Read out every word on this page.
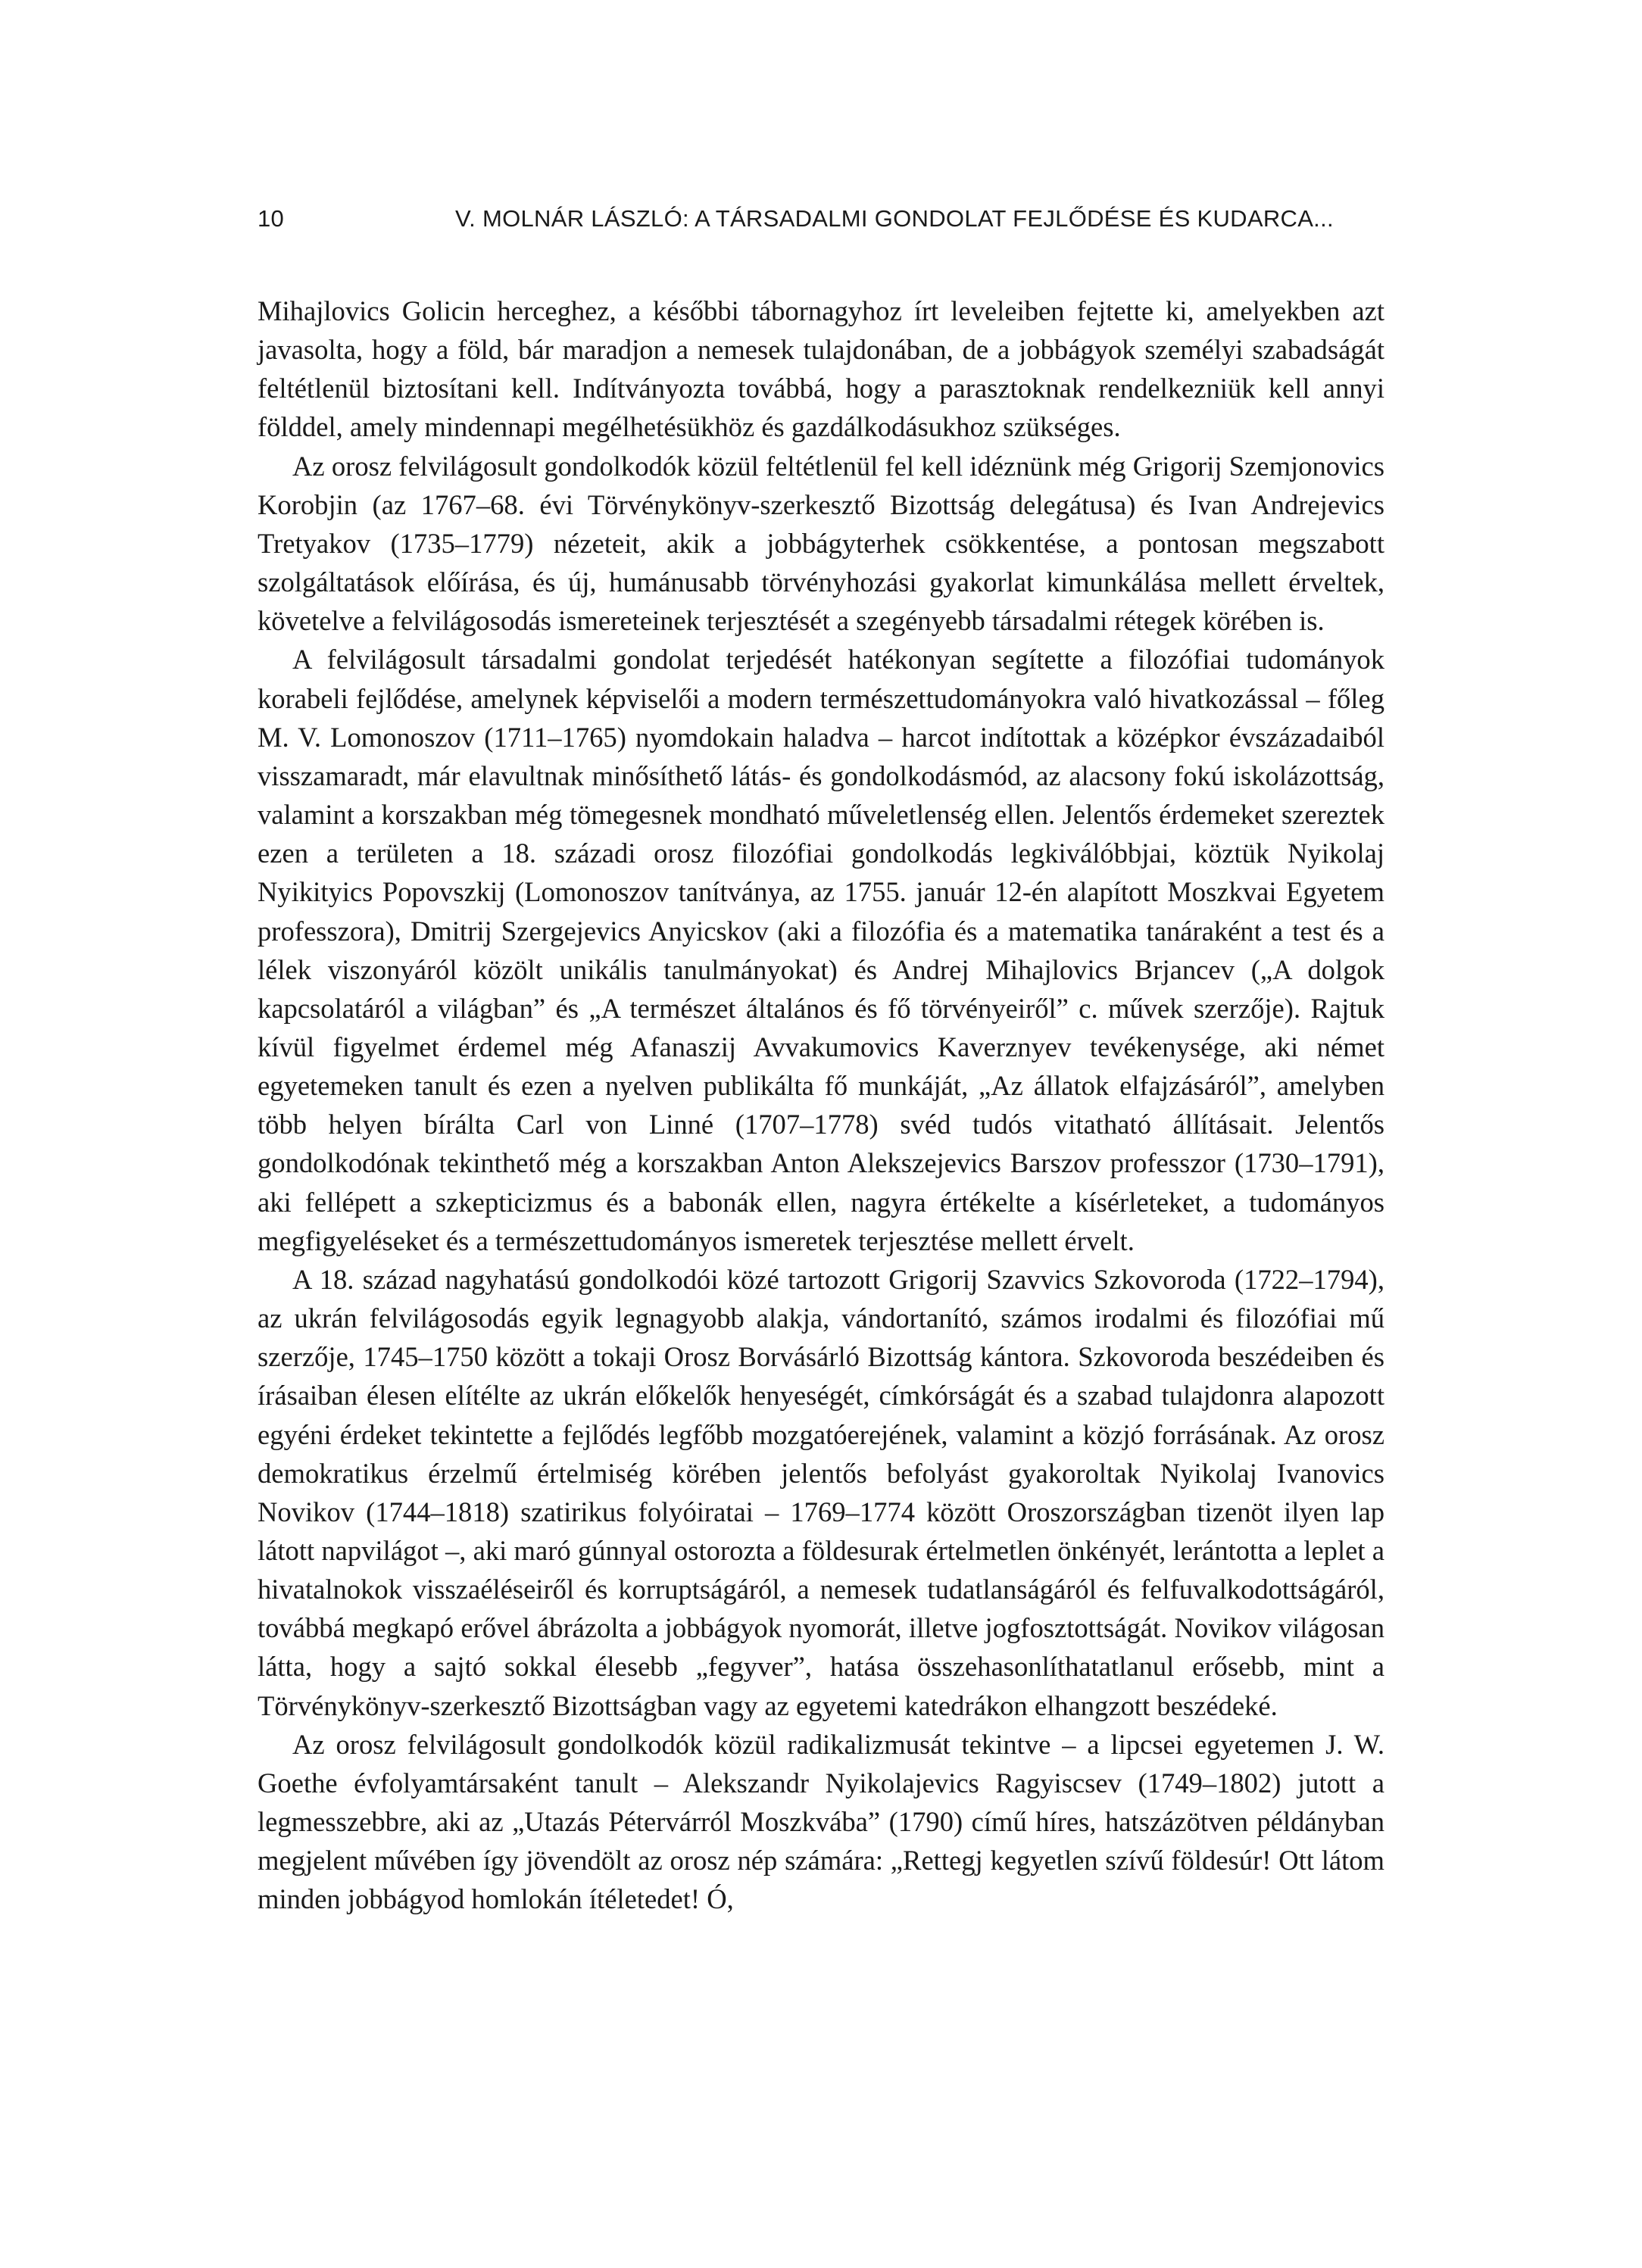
10	V. MOLNÁR LÁSZLÓ: A TÁRSADALMI GONDOLAT FEJLŐDÉSE ÉS KUDARCA...

Mihajlovics Golicin herceghez, a későbbi tábornagyhoz írt leveleiben fejtette ki, amelyekben azt javasolta, hogy a föld, bár maradjon a nemesek tulajdonában, de a jobbágyok személyi szabadságát feltétlenül biztosítani kell. Indítványozta továbbá, hogy a parasztoknak rendelkezniük kell annyi földdel, amely mindennapi megélhetésükhöz és gazdálkodásukhoz szükséges.

Az orosz felvilágosult gondolkodók közül feltétlenül fel kell idéznünk még Grigorij Szemjonovics Korobjin (az 1767–68. évi Törvénykönyv-szerkesztő Bizottság delegátusa) és Ivan Andrejevics Tretyakov (1735–1779) nézeteit, akik a jobbágyterhek csökkentése, a pontosan megszabott szolgáltatások előírása, és új, humánusabb törvényhozási gyakorlat kimunkálása mellett érveltek, követelve a felvilágosodás ismereteinek terjesztését a szegényebb társadalmi rétegek körében is.

A felvilágosult társadalmi gondolat terjedését hatékonyan segítette a filozófiai tudományok korabeli fejlődése, amelynek képviselői a modern természettudományokra való hivatkozással – főleg M. V. Lomonoszov (1711–1765) nyomdokain haladva – harcot indítottak a középkor évszázadaiból visszamaradt, már elavultnak minősíthető látás- és gondolkodásmód, az alacsony fokú iskolázottság, valamint a korszakban még tömegesnek mondható műveletlenség ellen. Jelentős érdemeket szereztek ezen a területen a 18. századi orosz filozófiai gondolkodás legkiválóbbjai, köztük Nyikolaj Nyikityics Popovszkij (Lomonoszov tanítványa, az 1755. január 12-én alapított Moszkvai Egyetem professzora), Dmitrij Szergejevics Anyicskov (aki a filozófia és a matematika tanáraként a test és a lélek viszonyáról közölt unikális tanulmányokat) és Andrej Mihajlovics Brjancev („A dolgok kapcsolatáról a világban” és „A természet általános és fő törvényeiről” c. művek szerzője). Rajtuk kívül figyelmet érdemel még Afanaszij Avvakumovics Kaverznyev tevékenysége, aki német egyetemeken tanult és ezen a nyelven publikálta fő munkáját, „Az állatok elfajzásáról”, amelyben több helyen bírálta Carl von Linné (1707–1778) svéd tudós vitatható állításait. Jelentős gondolkodónak tekinthető még a korszakban Anton Alekszejevics Barszov professzor (1730–1791), aki fellépett a szkepticizmus és a babonák ellen, nagyra értékelte a kísérleteket, a tudományos megfigyeléseket és a természettudományos ismeretek terjesztése mellett érvelt.

A 18. század nagyhatású gondolkodói közé tartozott Grigorij Szavvics Szkovoroda (1722–1794), az ukrán felvilágosodás egyik legnagyobb alakja, vándortanító, számos irodalmi és filozófiai mű szerzője, 1745–1750 között a tokaji Orosz Borvásárló Bizottság kántora. Szkovoroda beszédeiben és írásaiban élesen elítélte az ukrán előkelők henyeségét, címkórságát és a szabad tulajdonra alapozott egyéni érdeket tekintette a fejlődés legfőbb mozgatóerejének, valamint a közjó forrásának. Az orosz demokratikus érzelmű értelmiség körében jelentős befolyást gyakoroltak Nyikolaj Ivanovics Novikov (1744–1818) szatirikus folyóiratai – 1769–1774 között Oroszországban tizenöt ilyen lap látott napvilágot –, aki maró gúnnyal ostorozta a földesurak értelmetlen önkényét, lerántotta a leplet a hivatalnokok visszaéléseiről és korruptságáról, a nemesek tudatlanságáról és felfuvalkodottságáról, továbbá megkapó erővel ábrázolta a jobbágyok nyomorát, illetve jogfosztottságát. Novikov világosan látta, hogy a sajtó sokkal élesebb „fegyver”, hatása összehasonlíthatatlanul erősebb, mint a Törvénykönyv-szerkesztő Bizottságban vagy az egyetemi katedrákon elhangzott beszédeké.

Az orosz felvilágosult gondolkodók közül radikalizmusát tekintve – a lipcsei egyetemen J. W. Goethe évfolyamtársaként tanult – Alekszandr Nyikolajevics Ragyiscsev (1749–1802) jutott a legmesszebbre, aki az „Utazás Pétervárról Moszkvába” (1790) című híres, hatszázötven példányban megjelent művében így jövendölt az orosz nép számára: „Rettegj kegyetlen szívű földesúr! Ott látom minden jobbágyod homlokán ítéletedet! Ó,
